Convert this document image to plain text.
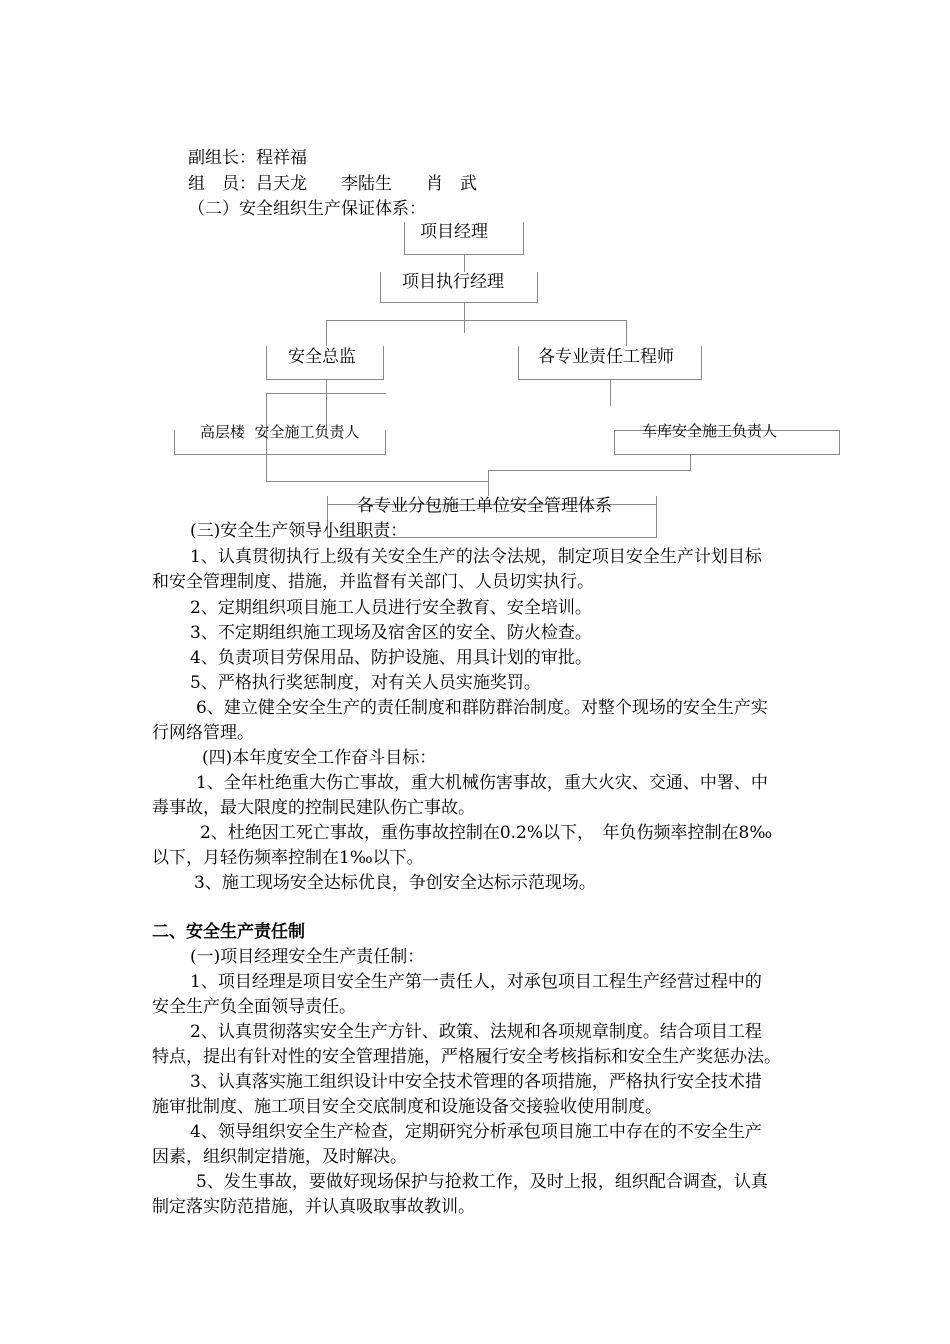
副组长：程祥福
组　员：吕天龙　　李陆生　　肖　武
（二）安全组织生产保证体系：
项目经理
项目执行经理
安全总监	各专业责任工程师
高层楼  安全施工负责人	车库安全施工负责人
各专业分包施工单位安全管理体系
(三)安全生产领导小组职责：
1、认真贯彻执行上级有关安全生产的法令法规，制定项目安全生产计划目标
和安全管理制度、措施，并监督有关部门、人员切实执行。
2、定期组织项目施工人员进行安全教育、安全培训。
3、不定期组织施工现场及宿舍区的安全、防火检查。
4、负责项目劳保用品、防护设施、用具计划的审批。
5、严格执行奖惩制度，对有关人员实施奖罚。
6、建立健全安全生产的责任制度和群防群治制度。对整个现场的安全生产实
行网络管理。
(四)本年度安全工作奋斗目标：
1、全年杜绝重大伤亡事故，重大机械伤害事故，重大火灾、交通、中署、中
毒事故，最大限度的控制民建队伤亡事故。
2、杜绝因工死亡事故，重伤事故控制在0.2%以下，　年负伤频率控制在8‰
以下，月轻伤频率控制在1‰以下。
3、施工现场安全达标优良，争创安全达标示范现场。
二、安全生产责任制
(一)项目经理安全生产责任制：
1、项目经理是项目安全生产第一责任人，对承包项目工程生产经营过程中的
安全生产负全面领导责任。
2、认真贯彻落实安全生产方针、政策、法规和各项规章制度。结合项目工程
特点，提出有针对性的安全管理措施，严格履行安全考核指标和安全生产奖惩办法。
3、认真落实施工组织设计中安全技术管理的各项措施，严格执行安全技术措
施审批制度、施工项目安全交底制度和设施设备交接验收使用制度。
4、领导组织安全生产检查，定期研究分析承包项目施工中存在的不安全生产
因素，组织制定措施，及时解决。
5、发生事故，要做好现场保护与抢救工作，及时上报，组织配合调查，认真
制定落实防范措施，并认真吸取事故教训。
